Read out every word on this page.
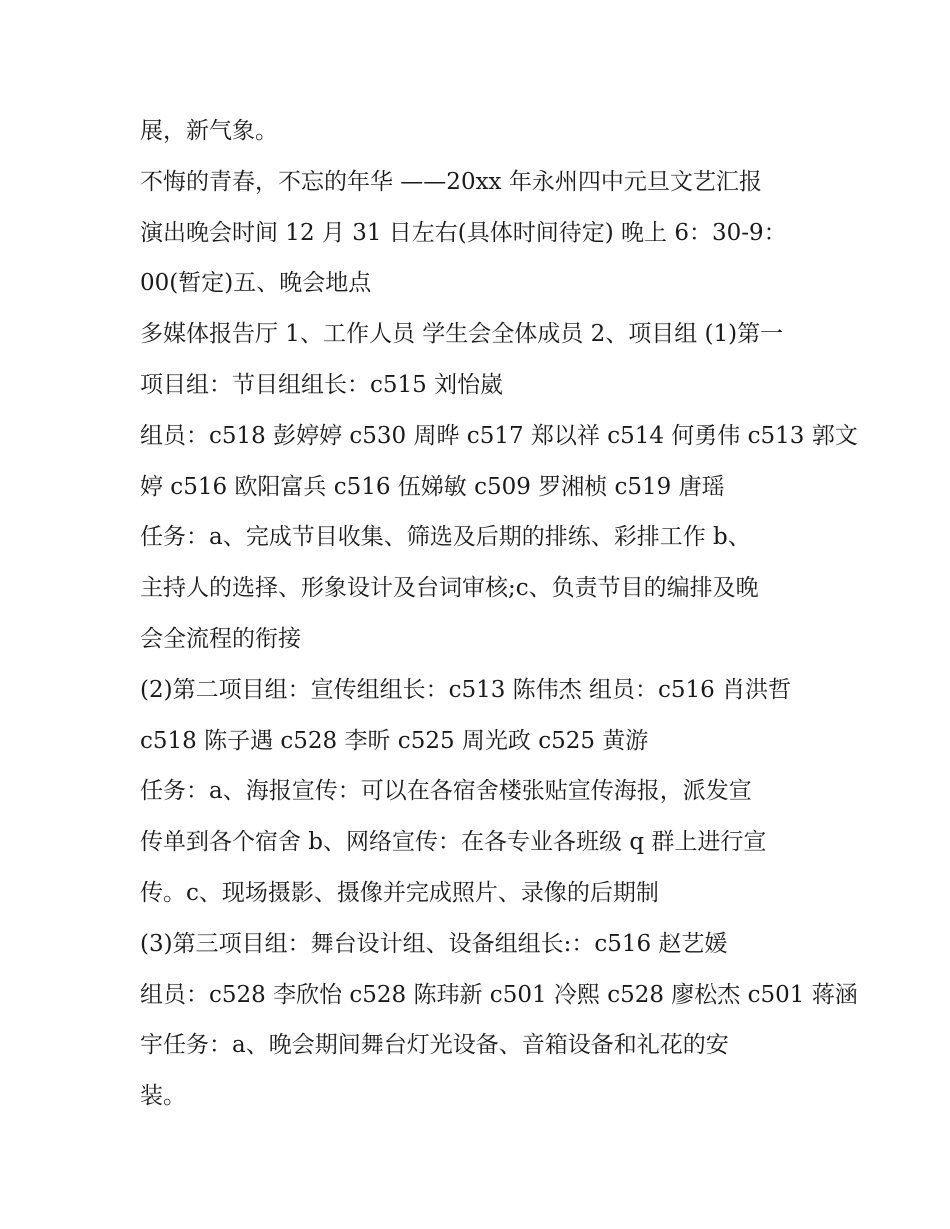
展，新气象。
不悔的青春，不忘的年华 ——20xx 年永州四中元旦文艺汇报
演出晚会时间 12 月 31 日左右(具体时间待定) 晚上 6：30-9：
00(暂定)五、晚会地点
多媒体报告厅 1、工作人员 学生会全体成员 2、项目组 (1)第一
项目组：节目组组长：c515 刘怡崴
组员：c518 彭婷婷 c530 周晔 c517 郑以祥 c514 何勇伟 c513 郭文
婷 c516 欧阳富兵 c516 伍娣敏 c509 罗湘桢 c519 唐瑶
任务：a、完成节目收集、筛选及后期的排练、彩排工作 b、
主持人的选择、形象设计及台词审核;c、负责节目的编排及晚
会全流程的衔接
(2)第二项目组：宣传组组长：c513 陈伟杰 组员：c516 肖洪哲
c518 陈子遇 c528 李昕 c525 周光政 c525 黄游
任务：a、海报宣传：可以在各宿舍楼张贴宣传海报，派发宣
传单到各个宿舍 b、网络宣传：在各专业各班级 q 群上进行宣
传。c、现场摄影、摄像并完成照片、录像的后期制
(3)第三项目组：舞台设计组、设备组组长:：c516 赵艺媛
组员：c528 李欣怡 c528 陈玮新 c501 冷熙 c528 廖松杰 c501 蒋涵
宇任务：a、晚会期间舞台灯光设备、音箱设备和礼花的安
装。
